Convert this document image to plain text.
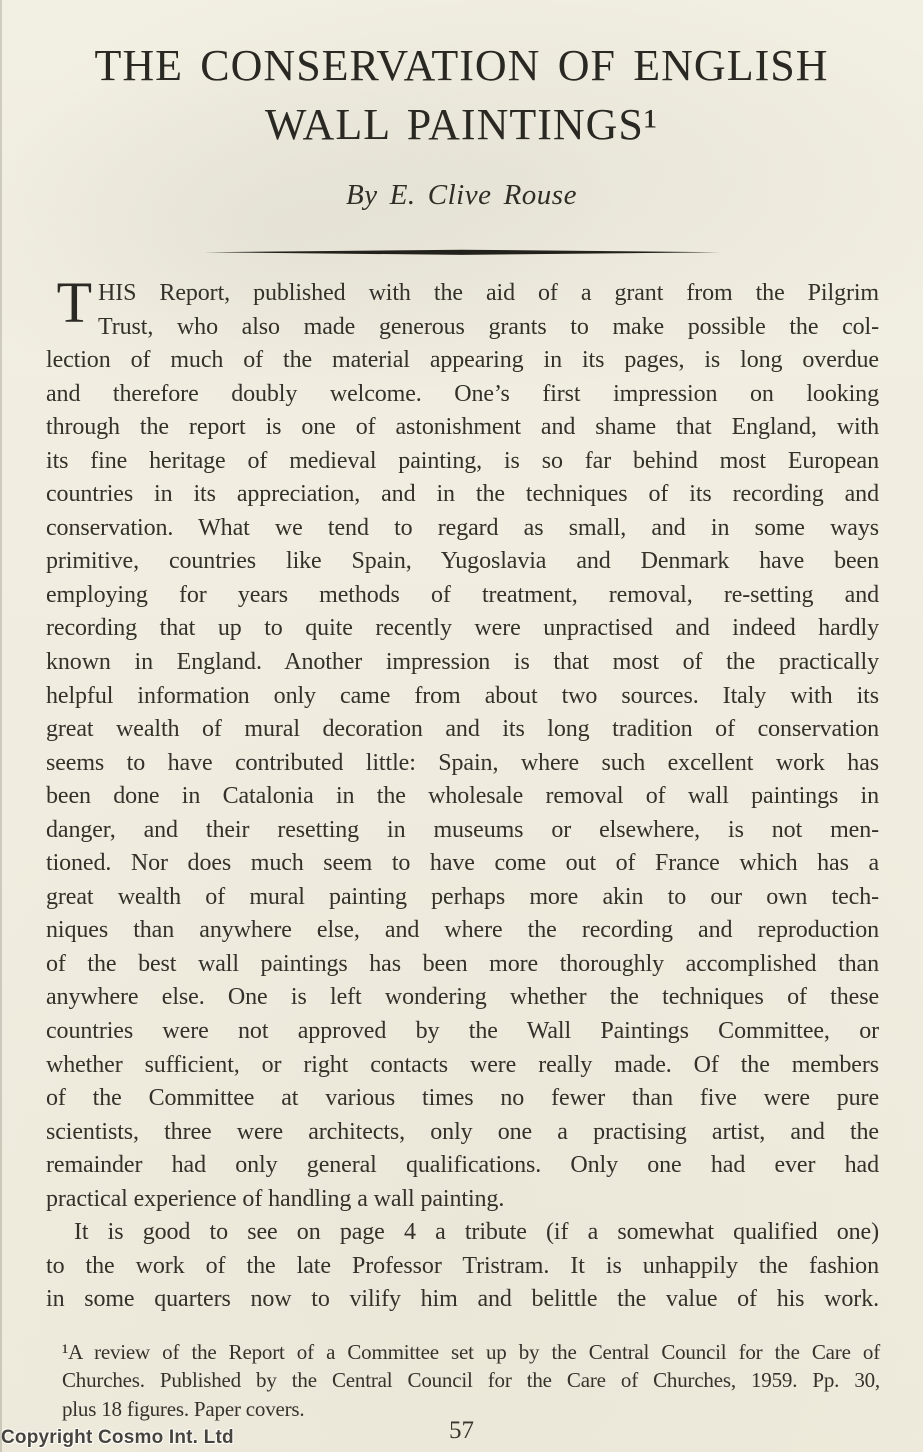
THE CONSERVATION OF ENGLISH
WALL PAINTINGS¹
By E. Clive Rouse
T HIS Report, published with the aid of a grant from the Pilgrim
Trust, who also made generous grants to make possible the col-
lection of much of the material appearing in its pages, is long overdue
and therefore doubly welcome. One’s first impression on looking
through the report is one of astonishment and shame that England, with
its fine heritage of medieval painting, is so far behind most European
countries in its appreciation, and in the techniques of its recording and
conservation. What we tend to regard as small, and in some ways
primitive, countries like Spain, Yugoslavia and Denmark have been
employing for years methods of treatment, removal, re-setting and
recording that up to quite recently were unpractised and indeed hardly
known in England. Another impression is that most of the practically
helpful information only came from about two sources. Italy with its
great wealth of mural decoration and its long tradition of conservation
seems to have contributed little: Spain, where such excellent work has
been done in Catalonia in the wholesale removal of wall paintings in
danger, and their resetting in museums or elsewhere, is not men-
tioned. Nor does much seem to have come out of France which has a
great wealth of mural painting perhaps more akin to our own tech-
niques than anywhere else, and where the recording and reproduction
of the best wall paintings has been more thoroughly accomplished than
anywhere else. One is left wondering whether the techniques of these
countries were not approved by the Wall Paintings Committee, or
whether sufficient, or right contacts were really made. Of the members
of the Committee at various times no fewer than five were pure
scientists, three were architects, only one a practising artist, and the
remainder had only general qualifications. Only one had ever had
practical experience of handling a wall painting.
It is good to see on page 4 a tribute (if a somewhat qualified one)
to the work of the late Professor Tristram. It is unhappily the fashion
in some quarters now to vilify him and belittle the value of his work.
¹A review of the Report of a Committee set up by the Central Council for the Care of
Churches. Published by the Central Council for the Care of Churches, 1959. Pp. 30,
plus 18 figures. Paper covers.
57
Copyright Cosmo Int. Ltd
